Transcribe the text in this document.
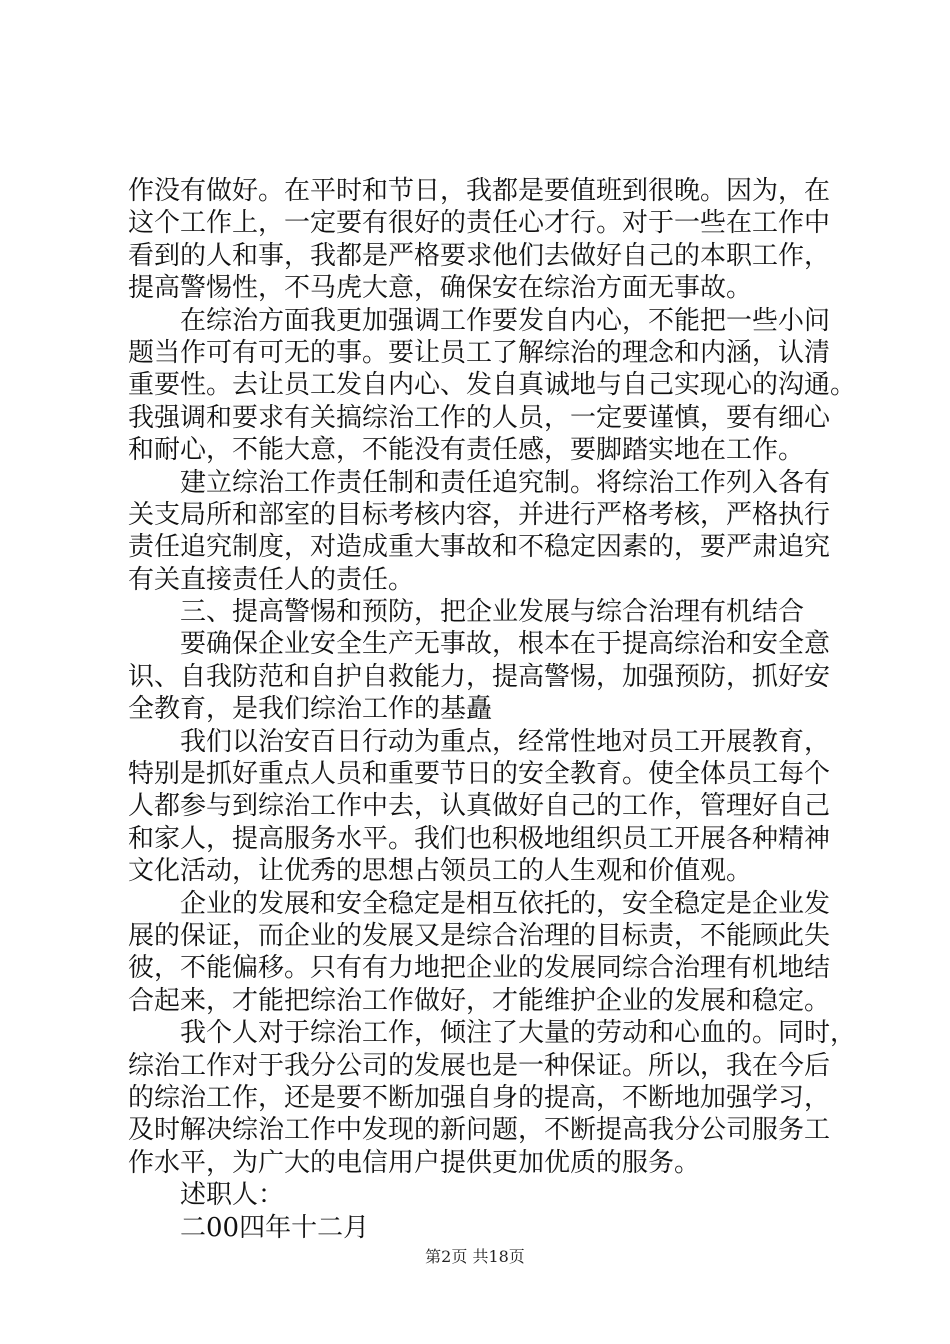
作没有做好。在平时和节日，我都是要值班到很晚。因为，在
这个工作上，一定要有很好的责任心才行。对于一些在工作中
看到的人和事，我都是严格要求他们去做好自己的本职工作，
提高警惕性，不马虎大意，确保安在综治方面无事故。
在综治方面我更加强调工作要发自内心，不能把一些小问
题当作可有可无的事。要让员工了解综治的理念和内涵，认清
重要性。去让员工发自内心、发自真诚地与自己实现心的沟通。
我强调和要求有关搞综治工作的人员，一定要谨慎，要有细心
和耐心，不能大意，不能没有责任感，要脚踏实地在工作。
建立综治工作责任制和责任追究制。将综治工作列入各有
关支局所和部室的目标考核内容，并进行严格考核，严格执行
责任追究制度，对造成重大事故和不稳定因素的，要严肃追究
有关直接责任人的责任。
三、提高警惕和预防，把企业发展与综合治理有机结合
要确保企业安全生产无事故，根本在于提高综治和安全意
识、自我防范和自护自救能力，提高警惕，加强预防，抓好安
全教育，是我们综治工作的基矗
我们以治安百日行动为重点，经常性地对员工开展教育，
特别是抓好重点人员和重要节日的安全教育。使全体员工每个
人都参与到综治工作中去，认真做好自己的工作，管理好自己
和家人，提高服务水平。我们也积极地组织员工开展各种精神
文化活动，让优秀的思想占领员工的人生观和价值观。
企业的发展和安全稳定是相互依托的，安全稳定是企业发
展的保证，而企业的发展又是综合治理的目标责，不能顾此失
彼，不能偏移。只有有力地把企业的发展同综合治理有机地结
合起来，才能把综治工作做好，才能维护企业的发展和稳定。
我个人对于综治工作，倾注了大量的劳动和心血的。同时，
综治工作对于我分公司的发展也是一种保证。所以，我在今后
的综治工作，还是要不断加强自身的提高，不断地加强学习，
及时解决综治工作中发现的新问题，不断提高我分公司服务工
作水平，为广大的电信用户提供更加优质的服务。
述职人：
二00四年十二月
第2页 共18页
